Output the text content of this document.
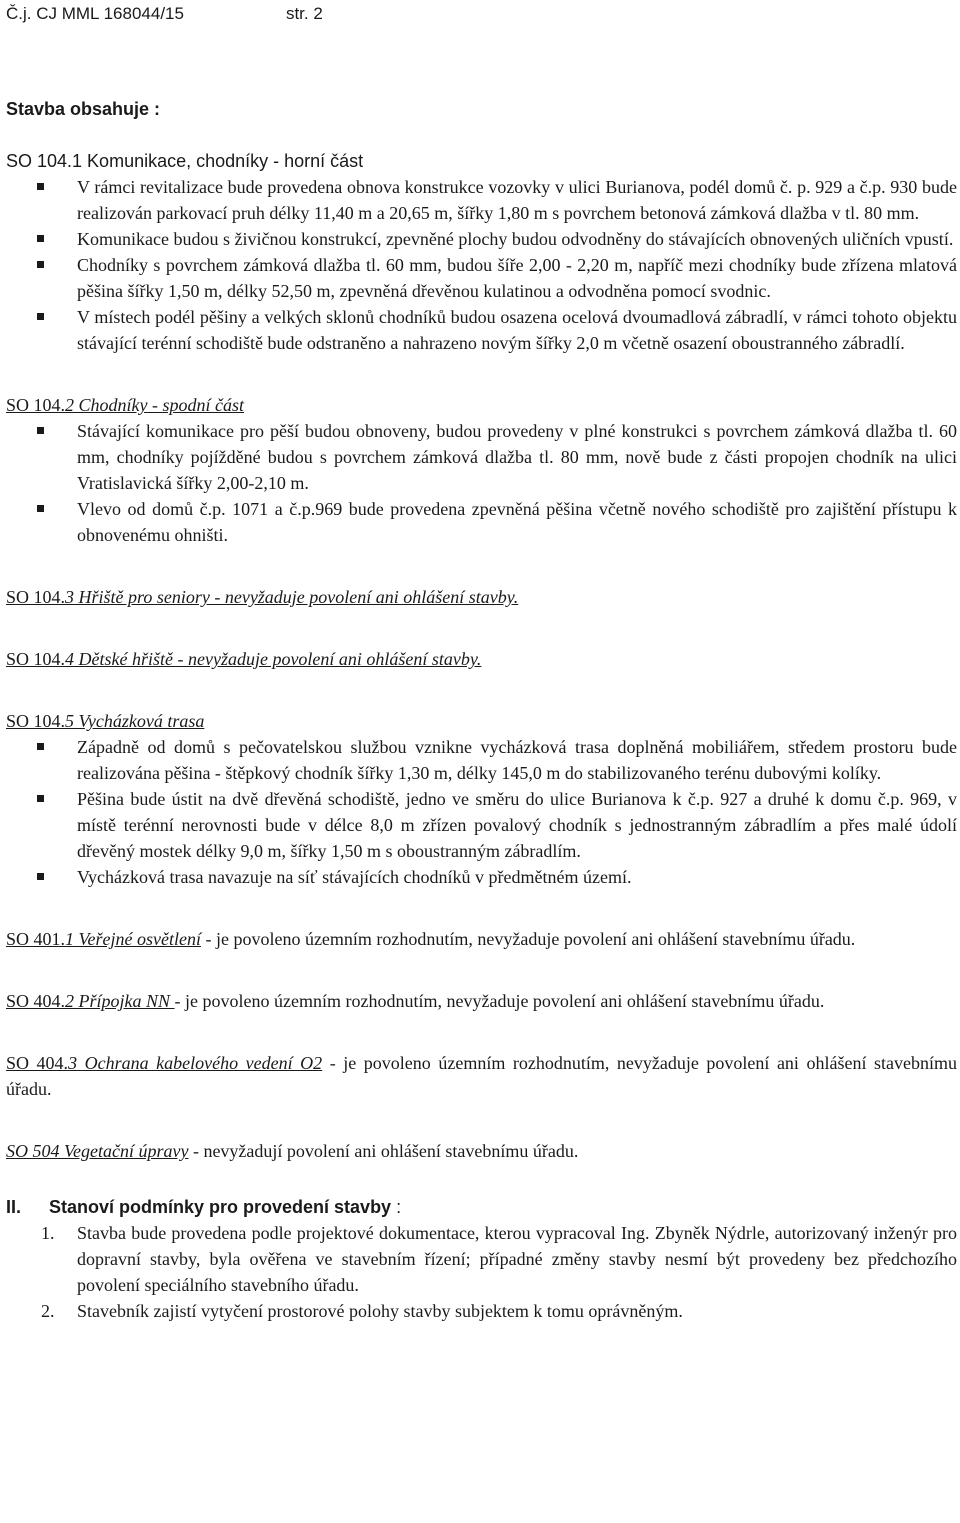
Č.j. CJ MML 168044/15	str. 2
Stavba obsahuje :

SO 104.1 Komunikace, chodníky - horní část

V rámci revitalizace bude provedena obnova konstrukce vozovky v ulici Burianova, podél domů č. p. 929 a č.p. 930 bude realizován parkovací pruh délky 11,40 m a 20,65 m, šířky 1,80 m s povrchem betonová zámková dlažba v tl. 80 mm.
Komunikace budou s živičnou konstrukcí, zpevněné plochy budou odvodněny do stávajících obnovených uličních vpustí.
Chodníky s povrchem zámková dlažba tl. 60 mm, budou šíře 2,00 - 2,20 m, napříč mezi chodníky bude zřízena mlatová pěšina šířky 1,50 m, délky 52,50 m, zpevněná dřevěnou kulatinou a odvodněna pomocí svodnic.
V místech podél pěšiny a velkých sklonů chodníků budou osazena ocelová dvoumadlová zábradlí, v rámci tohoto objektu stávající terénní schodiště bude odstraněno a nahrazeno novým šířky 2,0 m včetně osazení oboustranného zábradlí.

SO 104.2 Chodníky - spodní část

Stávající komunikace pro pěší budou obnoveny, budou provedeny v plné konstrukci s povrchem zámková dlažba tl. 60 mm, chodníky pojížděné budou s povrchem zámková dlažba tl. 80 mm, nově bude z části propojen chodník na ulici Vratislavická šířky 2,00-2,10 m.
Vlevo od domů č.p. 1071 a č.p.969 bude provedena zpevněná pěšina včetně nového schodiště pro zajištění přístupu k obnovenému ohništi.

SO 104.3 Hřiště pro seniory - nevyžaduje povolení ani ohlášení stavby.

SO 104.4 Dětské hřiště - nevyžaduje povolení ani ohlášení stavby.

SO 104.5 Vycházková trasa

Západně od domů s pečovatelskou službou vznikne vycházková trasa doplněná mobiliářem, středem prostoru bude realizována pěšina - štěpkový chodník šířky 1,30 m, délky 145,0 m do stabilizovaného terénu dubovými kolíky.
Pěšina bude ústit na dvě dřevěná schodiště, jedno ve směru do ulice Burianova k č.p. 927 a druhé k domu č.p. 969, v místě terénní nerovnosti bude v délce 8,0 m zřízen povalový chodník s jednostranným zábradlím a přes malé údolí dřevěný mostek délky 9,0 m, šířky 1,50 m s oboustranným zábradlím.
Vycházková trasa navazuje na síť stávajících chodníků v předmětném území.

SO 401.1 Veřejné osvětlení - je povoleno územním rozhodnutím, nevyžaduje povolení ani ohlášení stavebnímu úřadu.

SO 404.2 Přípojka NN - je povoleno územním rozhodnutím, nevyžaduje povolení ani ohlášení stavebnímu úřadu.

SO 404.3 Ochrana kabelového vedení O2 - je povoleno územním rozhodnutím, nevyžaduje povolení ani ohlášení stavebnímu úřadu.

SO 504 Vegetační úpravy - nevyžadují povolení ani ohlášení stavebnímu úřadu.

II. Stanoví podmínky pro provedení stavby :

1. Stavba bude provedena podle projektové dokumentace, kterou vypracoval Ing. Zbyněk Nýdrle, autorizovaný inženýr pro dopravní stavby, byla ověřena ve stavebním řízení; případné změny stavby nesmí být provedeny bez předchozího povolení speciálního stavebního úřadu.
2. Stavebník zajistí vytyčení prostorové polohy stavby subjektem k tomu oprávněným.
